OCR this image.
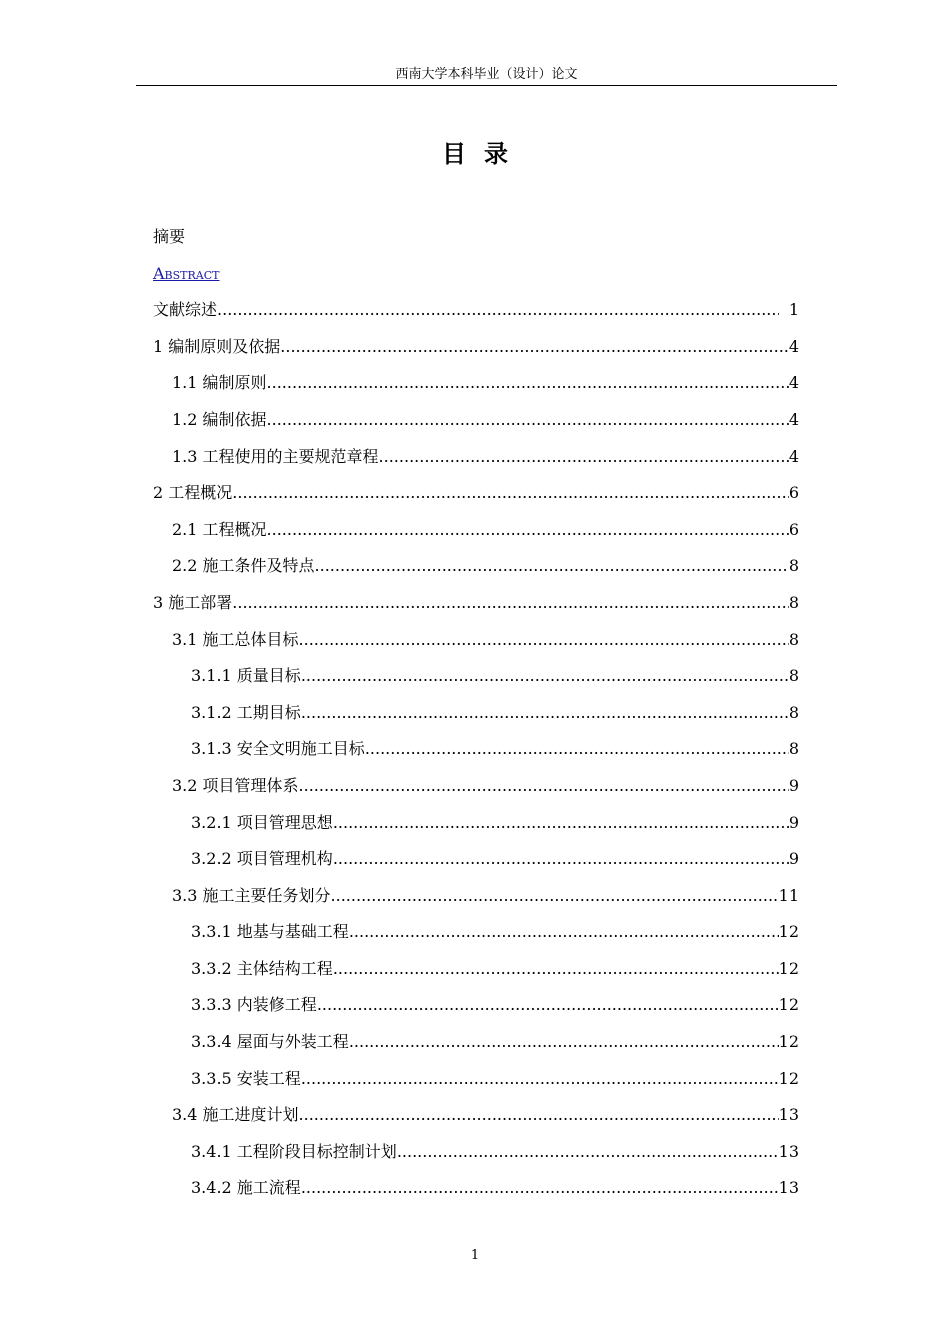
西南大学本科毕业（设计）论文
目录
摘要
Abstract
文献综述 .....	1
1 编制原则及依据 .....	4
1.1 编制原则 .....	4
1.2 编制依据 .....	4
1.3 工程使用的主要规范章程 .....	4
2 工程概况 .....	6
2.1 工程概况 .....	6
2.2 施工条件及特点 .....	8
3 施工部署 .....	8
3.1 施工总体目标 .....	8
3.1.1 质量目标 .....	8
3.1.2 工期目标 .....	8
3.1.3 安全文明施工目标 .....	8
3.2 项目管理体系 .....	9
3.2.1 项目管理思想 .....	9
3.2.2 项目管理机构 .....	9
3.3 施工主要任务划分 .....	11
3.3.1 地基与基础工程 .....	12
3.3.2 主体结构工程 .....	12
3.3.3 内装修工程 .....	12
3.3.4 屋面与外装工程 .....	12
3.3.5 安装工程 .....	12
3.4 施工进度计划 .....	13
3.4.1 工程阶段目标控制计划 .....	13
3.4.2 施工流程 .....	13
1
